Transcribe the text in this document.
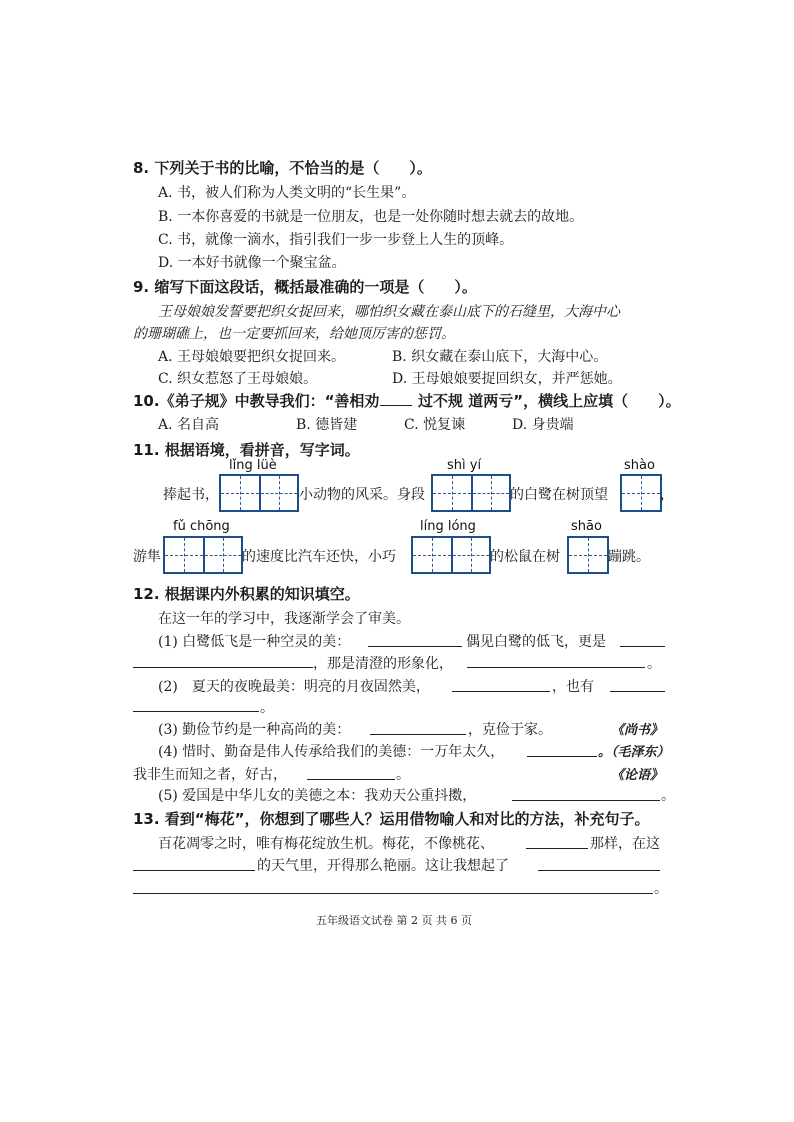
8. 下列关于书的比喻，不恰当的是（　　）。
A. 书，被人们称为人类文明的“长生果”。
B. 一本你喜爱的书就是一位朋友，也是一处你随时想去就去的故地。
C. 书，就像一滴水，指引我们一步一步登上人生的顶峰。
D. 一本好书就像一个聚宝盆。
9. 缩写下面这段话，概括最准确的一项是（　　）。
王母娘娘发誓要把织女捉回来，哪怕织女藏在泰山底下的石缝里，大海中心
的珊瑚礁上，也一定要抓回来，给她顶厉害的惩罚。
A. 王母娘娘要把织女捉回来。	B. 织女藏在泰山底下，大海中心。
C. 织女惹怒了王母娘娘。	D. 王母娘娘要捉回织女，并严惩她。
10.《弟子规》中教导我们：“善相劝	过不规 道两亏”，横线上应填（　　）。
A. 名自高	B. 德皆建	C. 悦复谏	D. 身贵端
11. 根据语境，看拼音，写字词。
lǐng lüè	shì yí	shào
捧起书，	小动物的风采。身段	的白鹭在树顶望	，
fǔ chōng	líng lóng	shāo
游隼	的速度比汽车还快，小巧	的松鼠在树	蹦跳。
12. 根据课内外积累的知识填空。
在这一年的学习中，我逐渐学会了审美。
(1) 白鹭低飞是一种空灵的美：	偶见白鹭的低飞，更是
，那是清澄的形象化，	。
(2)　夏天的夜晚最美：明亮的月夜固然美，	，也有
。
(3) 勤俭节约是一种高尚的美：	，克俭于家。	《尚书》
(4) 惜时、勤奋是伟人传承给我们的美德：一万年太久，	。（毛泽东）
我非生而知之者，好古，	。	《论语》
(5) 爱国是中华儿女的美德之本：我劝天公重抖擞，	。
13. 看到“梅花”，你想到了哪些人？运用借物喻人和对比的方法，补充句子。
百花凋零之时，唯有梅花绽放生机。梅花，不像桃花、	那样，在这
的天气里，开得那么艳丽。这让我想起了
。
五年级语文试卷 第 2 页 共 6 页
